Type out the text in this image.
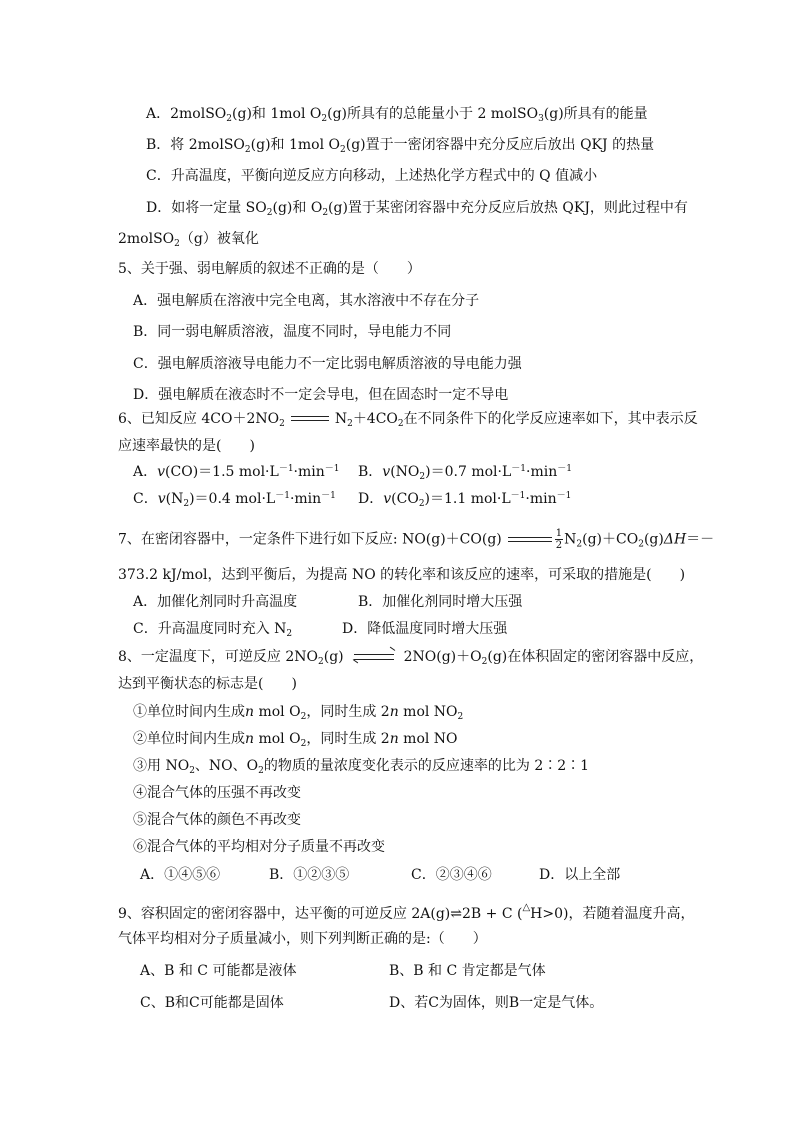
A．2molSO$_2$(g)和 1mol $O_2(g)$所具有的总能量小于 2 molSO$_3$(g)所具有的能量
B．将 2molSO$_2$(g)和 1mol $O_2(g)$置于一密闭容器中充分反应后放出 QKJ 的热量
C．升高温度，平衡向逆反应方向移动，上述热化学方程式中的 Q 值减小
D．如将一定量 $SO_2(g)$和 $O_2(g)$置于某密闭容器中充分反应后放热 QKJ，则此过程中有
2molSO$_2$（g）被氧化
5、关于强、弱电解质的叙述不正确的是（　　）
A．强电解质在溶液中完全电离，其水溶液中不存在分子
B．同一弱电解质溶液，温度不同时，导电能力不同
C．强电解质溶液导电能力不一定比弱电解质溶液的导电能力强
D．强电解质在液态时不一定会导电，但在固态时一定不导电
6、已知反应 $4CO+2NO_2$	$N_2+4CO_2$在不同条件下的化学反应速率如下，其中表示反
应速率最快的是(　　)
A．v(CO)＝1.5 $mol\cdot L^{-1}\cdot\min^{-1}$ B．$v(NO_2)=0.7$ $mol\cdot L^{-1}\cdot\min^{-1}$
C．$v(N_2)=0.4$ $mol\cdot L^{-1}\cdot\min^{-1}$ D．$v(CO_2)=1.1$ $mol\cdot L^{-1}\cdot\min^{-1}$
7、在密闭容器中，一定条件下进行如下反应: NO(g)＋CO(g)	$\frac{1}{2} N_2(g)+CO_2(g)\Delta H=-$
373.2 kJ/mol，达到平衡后，为提高 NO 的转化率和该反应的速率，可采取的措施是(　　)
A．加催化剂同时升高温度	B．加催化剂同时增大压强
C．升高温度同时充入 $N_2$	D．降低温度同时增大压强
8、一定温度下，可逆反应 $2NO_2(g)$	$2NO(g)+O_2(g)$在体积固定的密闭容器中反应，
达到平衡状态的标志是(　　)
①单位时间内生成n mol $O_2$，同时生成 2n mol $NO_2$
②单位时间内生成n mol $O_2$，同时生成 2n mol NO
③用 $NO_2$、NO、$O_2$的物质的量浓度变化表示的反应速率的比为 2∶2∶1
④混合气体的压强不再改变
⑤混合气体的颜色不再改变
⑥混合气体的平均相对分子质量不再改变
A．①④⑤⑥	B．①②③⑤	C．②③④⑥	D．以上全部
9、容积固定的密闭容器中，达平衡的可逆反应 2A(g)⇌2B + C (△H>0)，若随着温度升高，
气体平均相对分子质量减小，则下列判断正确的是:（　　）
A、B 和 C 可能都是液体	B、B 和 C 肯定都是气体
C、B和C可能都是固体	D、若C为固体，则B一定是气体。
